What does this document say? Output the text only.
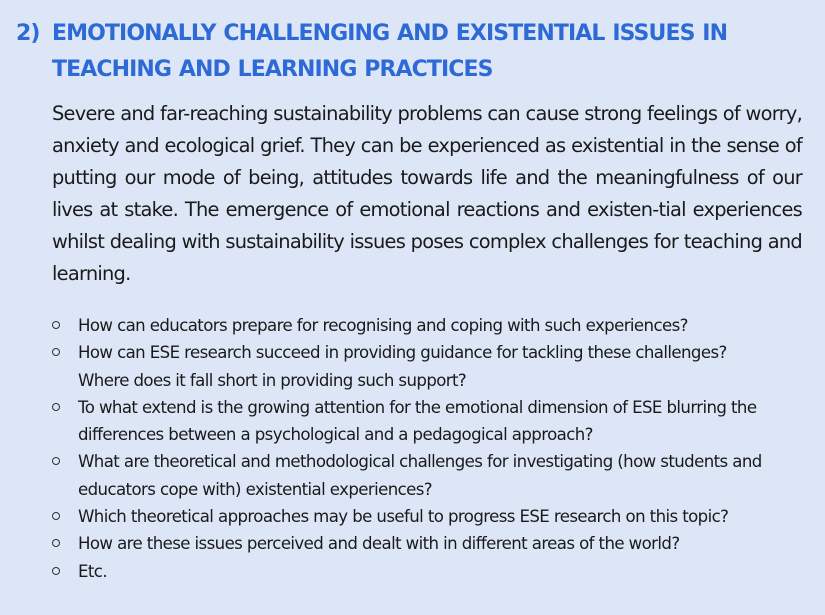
2) EMOTIONALLY CHALLENGING AND EXISTENTIAL ISSUES IN TEACHING AND LEARNING PRACTICES
Severe and far-reaching sustainability problems can cause strong feelings of worry, anxiety and ecological grief. They can be experienced as existential in the sense of putting our mode of being, attitudes towards life and the meaningfulness of our lives at stake. The emergence of emotional reactions and existen-tial experiences whilst dealing with sustainability issues poses complex challenges for teaching and learning.
How can educators prepare for recognising and coping with such experiences?
How can ESE research succeed in providing guidance for tackling these challenges? Where does it fall short in providing such support?
To what extend is the growing attention for the emotional dimension of ESE blurring the differences between a psychological and a pedagogical approach?
What are theoretical and methodological challenges for investigating (how students and educators cope with) existential experiences?
Which theoretical approaches may be useful to progress ESE research on this topic?
How are these issues perceived and dealt with in different areas of the world?
Etc.
